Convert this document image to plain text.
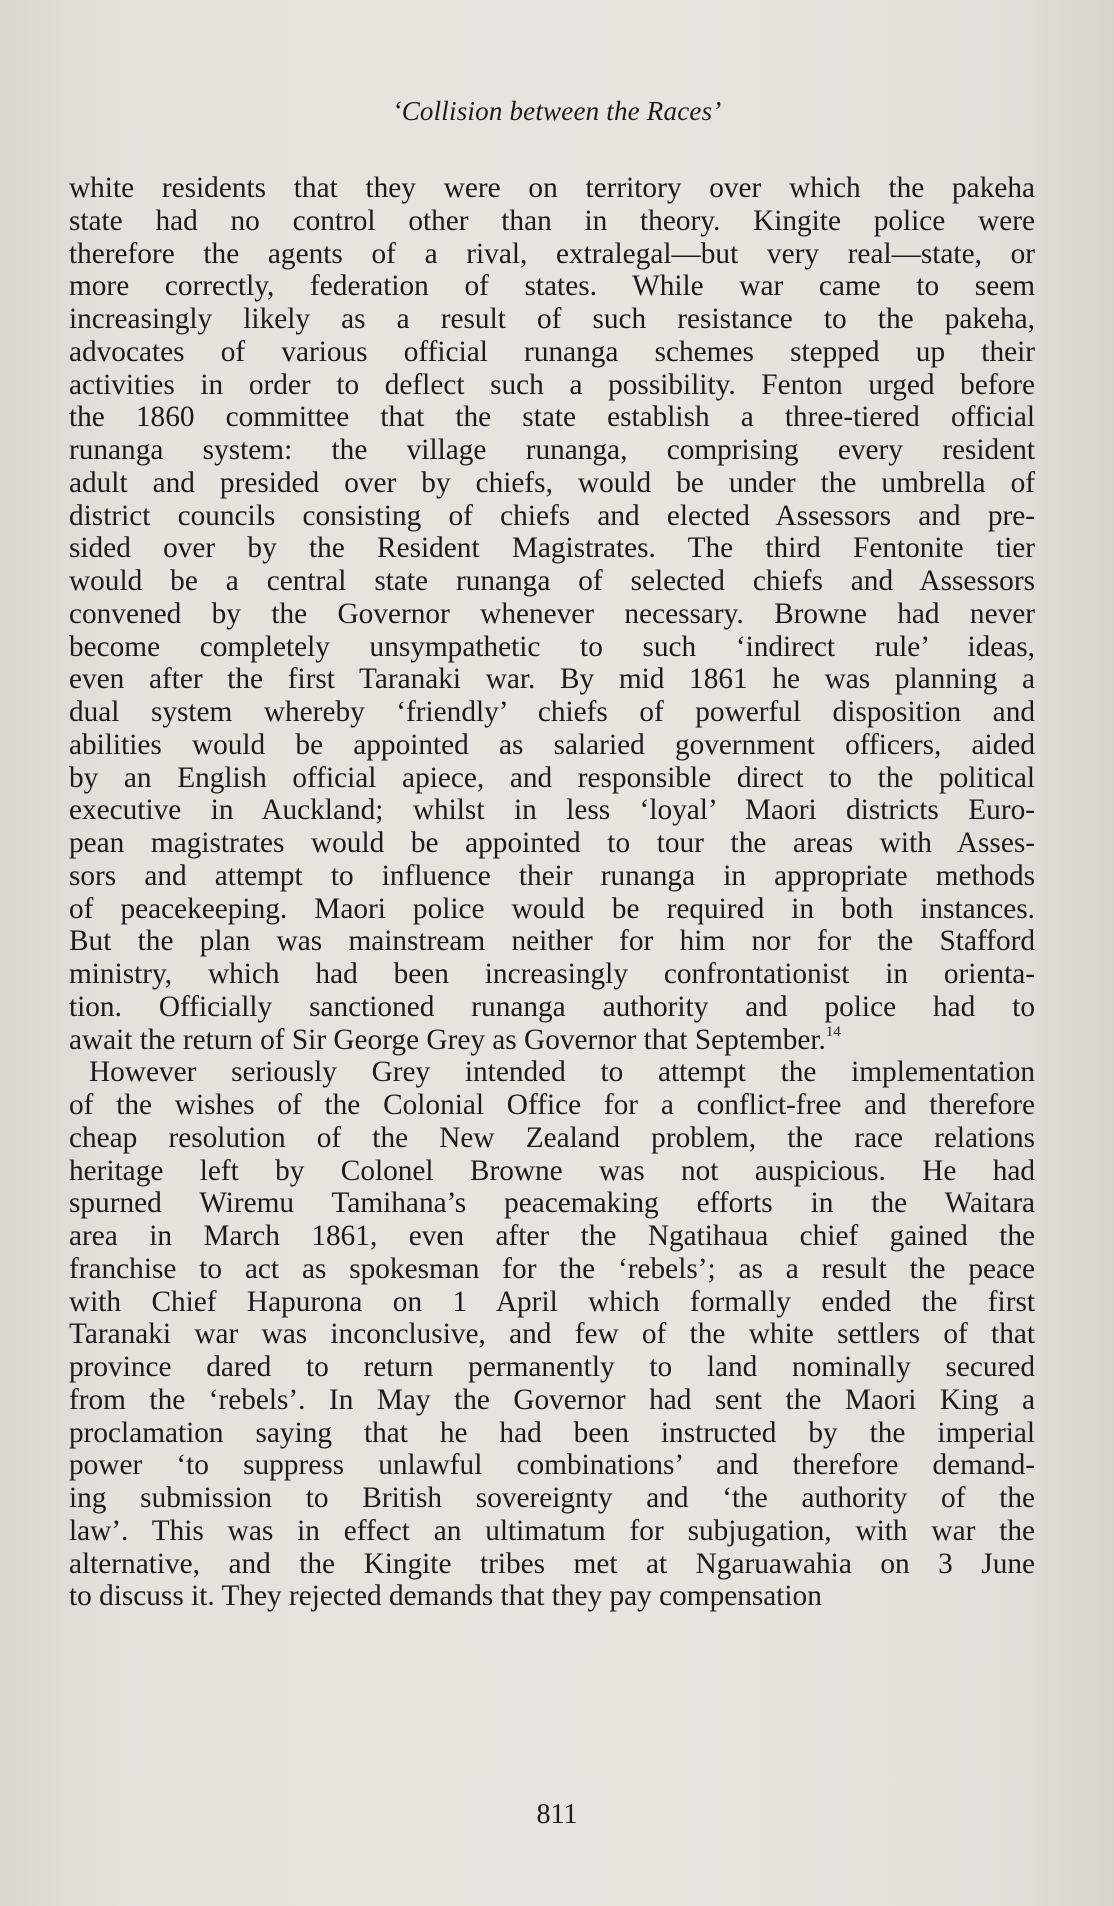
‘Collision between the Races’
white residents that they were on territory over which the pakeha
state had no control other than in theory. Kingite police were
therefore the agents of a rival, extralegal—but very real—state, or
more correctly, federation of states. While war came to seem
increasingly likely as a result of such resistance to the pakeha,
advocates of various official runanga schemes stepped up their
activities in order to deflect such a possibility. Fenton urged before
the 1860 committee that the state establish a three-tiered official
runanga system: the village runanga, comprising every resident
adult and presided over by chiefs, would be under the umbrella of
district councils consisting of chiefs and elected Assessors and pre-
sided over by the Resident Magistrates. The third Fentonite tier
would be a central state runanga of selected chiefs and Assessors
convened by the Governor whenever necessary. Browne had never
become completely unsympathetic to such ‘indirect rule’ ideas,
even after the first Taranaki war. By mid 1861 he was planning a
dual system whereby ‘friendly’ chiefs of powerful disposition and
abilities would be appointed as salaried government officers, aided
by an English official apiece, and responsible direct to the political
executive in Auckland; whilst in less ‘loyal’ Maori districts Euro-
pean magistrates would be appointed to tour the areas with Asses-
sors and attempt to influence their runanga in appropriate methods
of peacekeeping. Maori police would be required in both instances.
But the plan was mainstream neither for him nor for the Stafford
ministry, which had been increasingly confrontationist in orienta-
tion. Officially sanctioned runanga authority and police had to
await the return of Sir George Grey as Governor that September.$^{14}$
However seriously Grey intended to attempt the implementation
of the wishes of the Colonial Office for a conflict-free and therefore
cheap resolution of the New Zealand problem, the race relations
heritage left by Colonel Browne was not auspicious. He had
spurned Wiremu Tamihana’s peacemaking efforts in the Waitara
area in March 1861, even after the Ngatihaua chief gained the
franchise to act as spokesman for the ‘rebels’; as a result the peace
with Chief Hapurona on 1 April which formally ended the first
Taranaki war was inconclusive, and few of the white settlers of that
province dared to return permanently to land nominally secured
from the ‘rebels’. In May the Governor had sent the Maori King a
proclamation saying that he had been instructed by the imperial
power ‘to suppress unlawful combinations’ and therefore demand-
ing submission to British sovereignty and ‘the authority of the
law’. This was in effect an ultimatum for subjugation, with war the
alternative, and the Kingite tribes met at Ngaruawahia on 3 June
to discuss it. They rejected demands that they pay compensation
811
